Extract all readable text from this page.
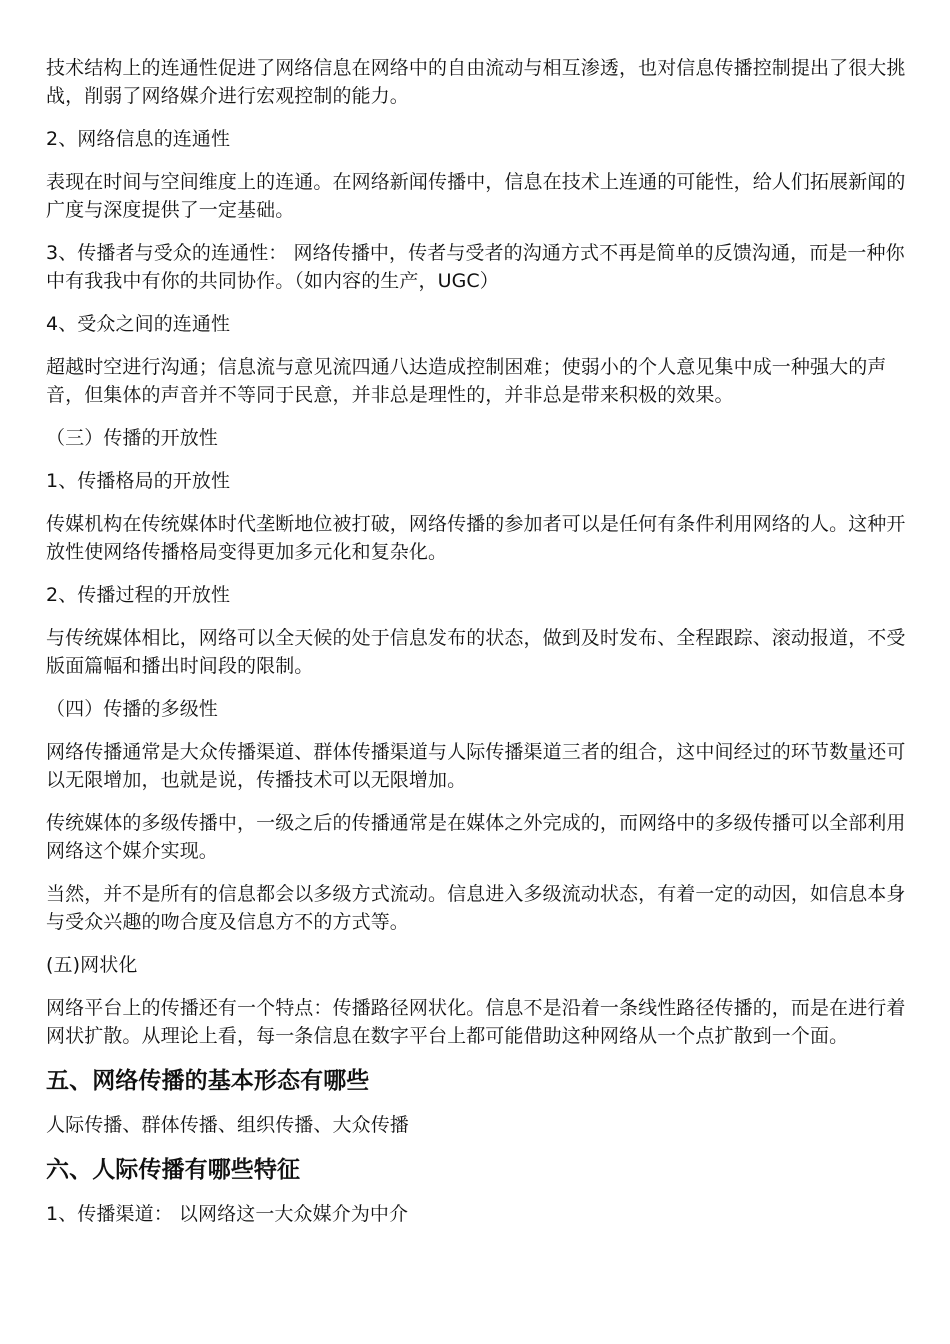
技术结构上的连通性促进了网络信息在网络中的自由流动与相互渗透，也对信息传播控制提出了很大挑战，削弱了网络媒介进行宏观控制的能力。

2、网络信息的连通性

表现在时间与空间维度上的连通。在网络新闻传播中，信息在技术上连通的可能性，给人们拓展新闻的广度与深度提供了一定基础。

3、传播者与受众的连通性： 网络传播中，传者与受者的沟通方式不再是简单的反馈沟通，而是一种你中有我我中有你的共同协作。（如内容的生产，UGC）

4、受众之间的连通性

超越时空进行沟通；信息流与意见流四通八达造成控制困难；使弱小的个人意见集中成一种强大的声音，但集体的声音并不等同于民意，并非总是理性的，并非总是带来积极的效果。

（三）传播的开放性

1、传播格局的开放性

传媒机构在传统媒体时代垄断地位被打破，网络传播的参加者可以是任何有条件利用网络的人。这种开放性使网络传播格局变得更加多元化和复杂化。

2、传播过程的开放性

与传统媒体相比，网络可以全天候的处于信息发布的状态，做到及时发布、全程跟踪、滚动报道，不受版面篇幅和播出时间段的限制。

（四）传播的多级性

网络传播通常是大众传播渠道、群体传播渠道与人际传播渠道三者的组合，这中间经过的环节数量还可以无限增加，也就是说，传播技术可以无限增加。

传统媒体的多级传播中，一级之后的传播通常是在媒体之外完成的，而网络中的多级传播可以全部利用网络这个媒介实现。

当然，并不是所有的信息都会以多级方式流动。信息进入多级流动状态，有着一定的动因，如信息本身与受众兴趣的吻合度及信息方不的方式等。

(五)网状化

网络平台上的传播还有一个特点：传播路径网状化。信息不是沿着一条线性路径传播的，而是在进行着网状扩散。从理论上看，每一条信息在数字平台上都可能借助这种网络从一个点扩散到一个面。

五、网络传播的基本形态有哪些

人际传播、群体传播、组织传播、大众传播

六、人际传播有哪些特征

1、传播渠道： 以网络这一大众媒介为中介
